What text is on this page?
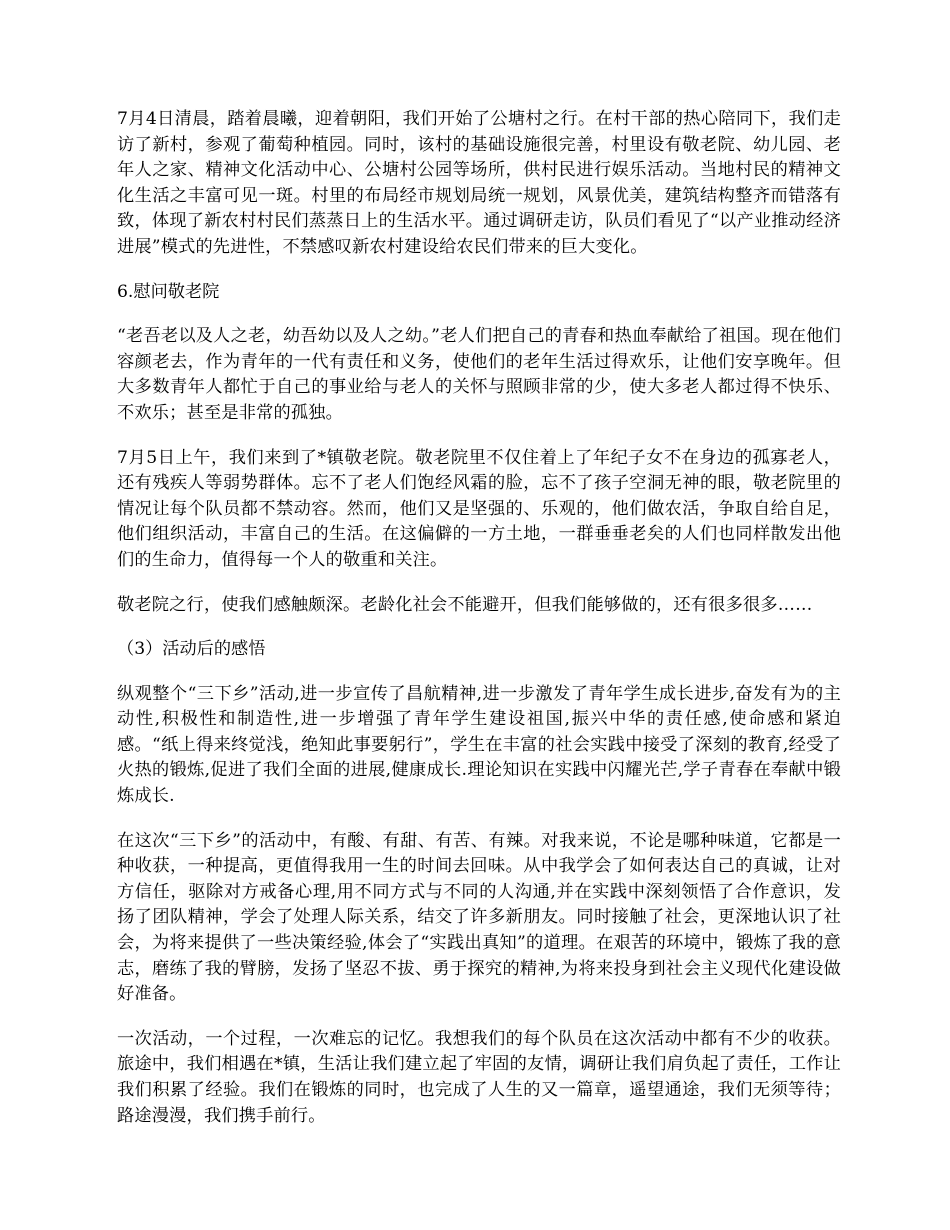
7月4日清晨，踏着晨曦，迎着朝阳，我们开始了公塘村之行。在村干部的热心陪同下，我们走访了新村，参观了葡萄种植园。同时，该村的基础设施很完善，村里设有敬老院、幼儿园、老年人之家、精神文化活动中心、公塘村公园等场所，供村民进行娱乐活动。当地村民的精神文化生活之丰富可见一斑。村里的布局经市规划局统一规划，风景优美，建筑结构整齐而错落有致，体现了新农村村民们蒸蒸日上的生活水平。通过调研走访，队员们看见了“以产业推动经济进展”模式的先进性，不禁感叹新农村建设给农民们带来的巨大变化。

6.慰问敬老院

“老吾老以及人之老，幼吾幼以及人之幼。”老人们把自己的青春和热血奉献给了祖国。现在他们容颜老去，作为青年的一代有责任和义务，使他们的老年生活过得欢乐，让他们安享晚年。但大多数青年人都忙于自己的事业给与老人的关怀与照顾非常的少，使大多老人都过得不快乐、不欢乐；甚至是非常的孤独。

7月5日上午，我们来到了*镇敬老院。敬老院里不仅住着上了年纪子女不在身边的孤寡老人，还有残疾人等弱势群体。忘不了老人们饱经风霜的脸，忘不了孩子空洞无神的眼，敬老院里的情况让每个队员都不禁动容。然而，他们又是坚强的、乐观的，他们做农活，争取自给自足，他们组织活动，丰富自己的生活。在这偏僻的一方土地，一群垂垂老矣的人们也同样散发出他们的生命力，值得每一个人的敬重和关注。

敬老院之行，使我们感触颇深。老龄化社会不能避开，但我们能够做的，还有很多很多……

（3）活动后的感悟

纵观整个“三下乡”活动,进一步宣传了昌航精神,进一步激发了青年学生成长进步,奋发有为的主动性,积极性和制造性,进一步增强了青年学生建设祖国,振兴中华的责任感,使命感和紧迫感。“纸上得来终觉浅，绝知此事要躬行”，学生在丰富的社会实践中接受了深刻的教育,经受了火热的锻炼,促进了我们全面的进展,健康成长.理论知识在实践中闪耀光芒,学子青春在奉献中锻炼成长.

在这次“三下乡”的活动中，有酸、有甜、有苦、有辣。对我来说，不论是哪种味道，它都是一种收获，一种提高，更值得我用一生的时间去回味。从中我学会了如何表达自己的真诚，让对方信任，驱除对方戒备心理,用不同方式与不同的人沟通,并在实践中深刻领悟了合作意识，发扬了团队精神，学会了处理人际关系，结交了许多新朋友。同时接触了社会，更深地认识了社会，为将来提供了一些决策经验,体会了“实践出真知”的道理。在艰苦的环境中，锻炼了我的意志，磨练了我的臂膀，发扬了坚忍不拔、勇于探究的精神,为将来投身到社会主义现代化建设做好准备。

一次活动，一个过程，一次难忘的记忆。我想我们的每个队员在这次活动中都有不少的收获。旅途中，我们相遇在*镇，生活让我们建立起了牢固的友情，调研让我们肩负起了责任，工作让我们积累了经验。我们在锻炼的同时，也完成了人生的又一篇章，遥望通途，我们无须等待；路途漫漫，我们携手前行。
